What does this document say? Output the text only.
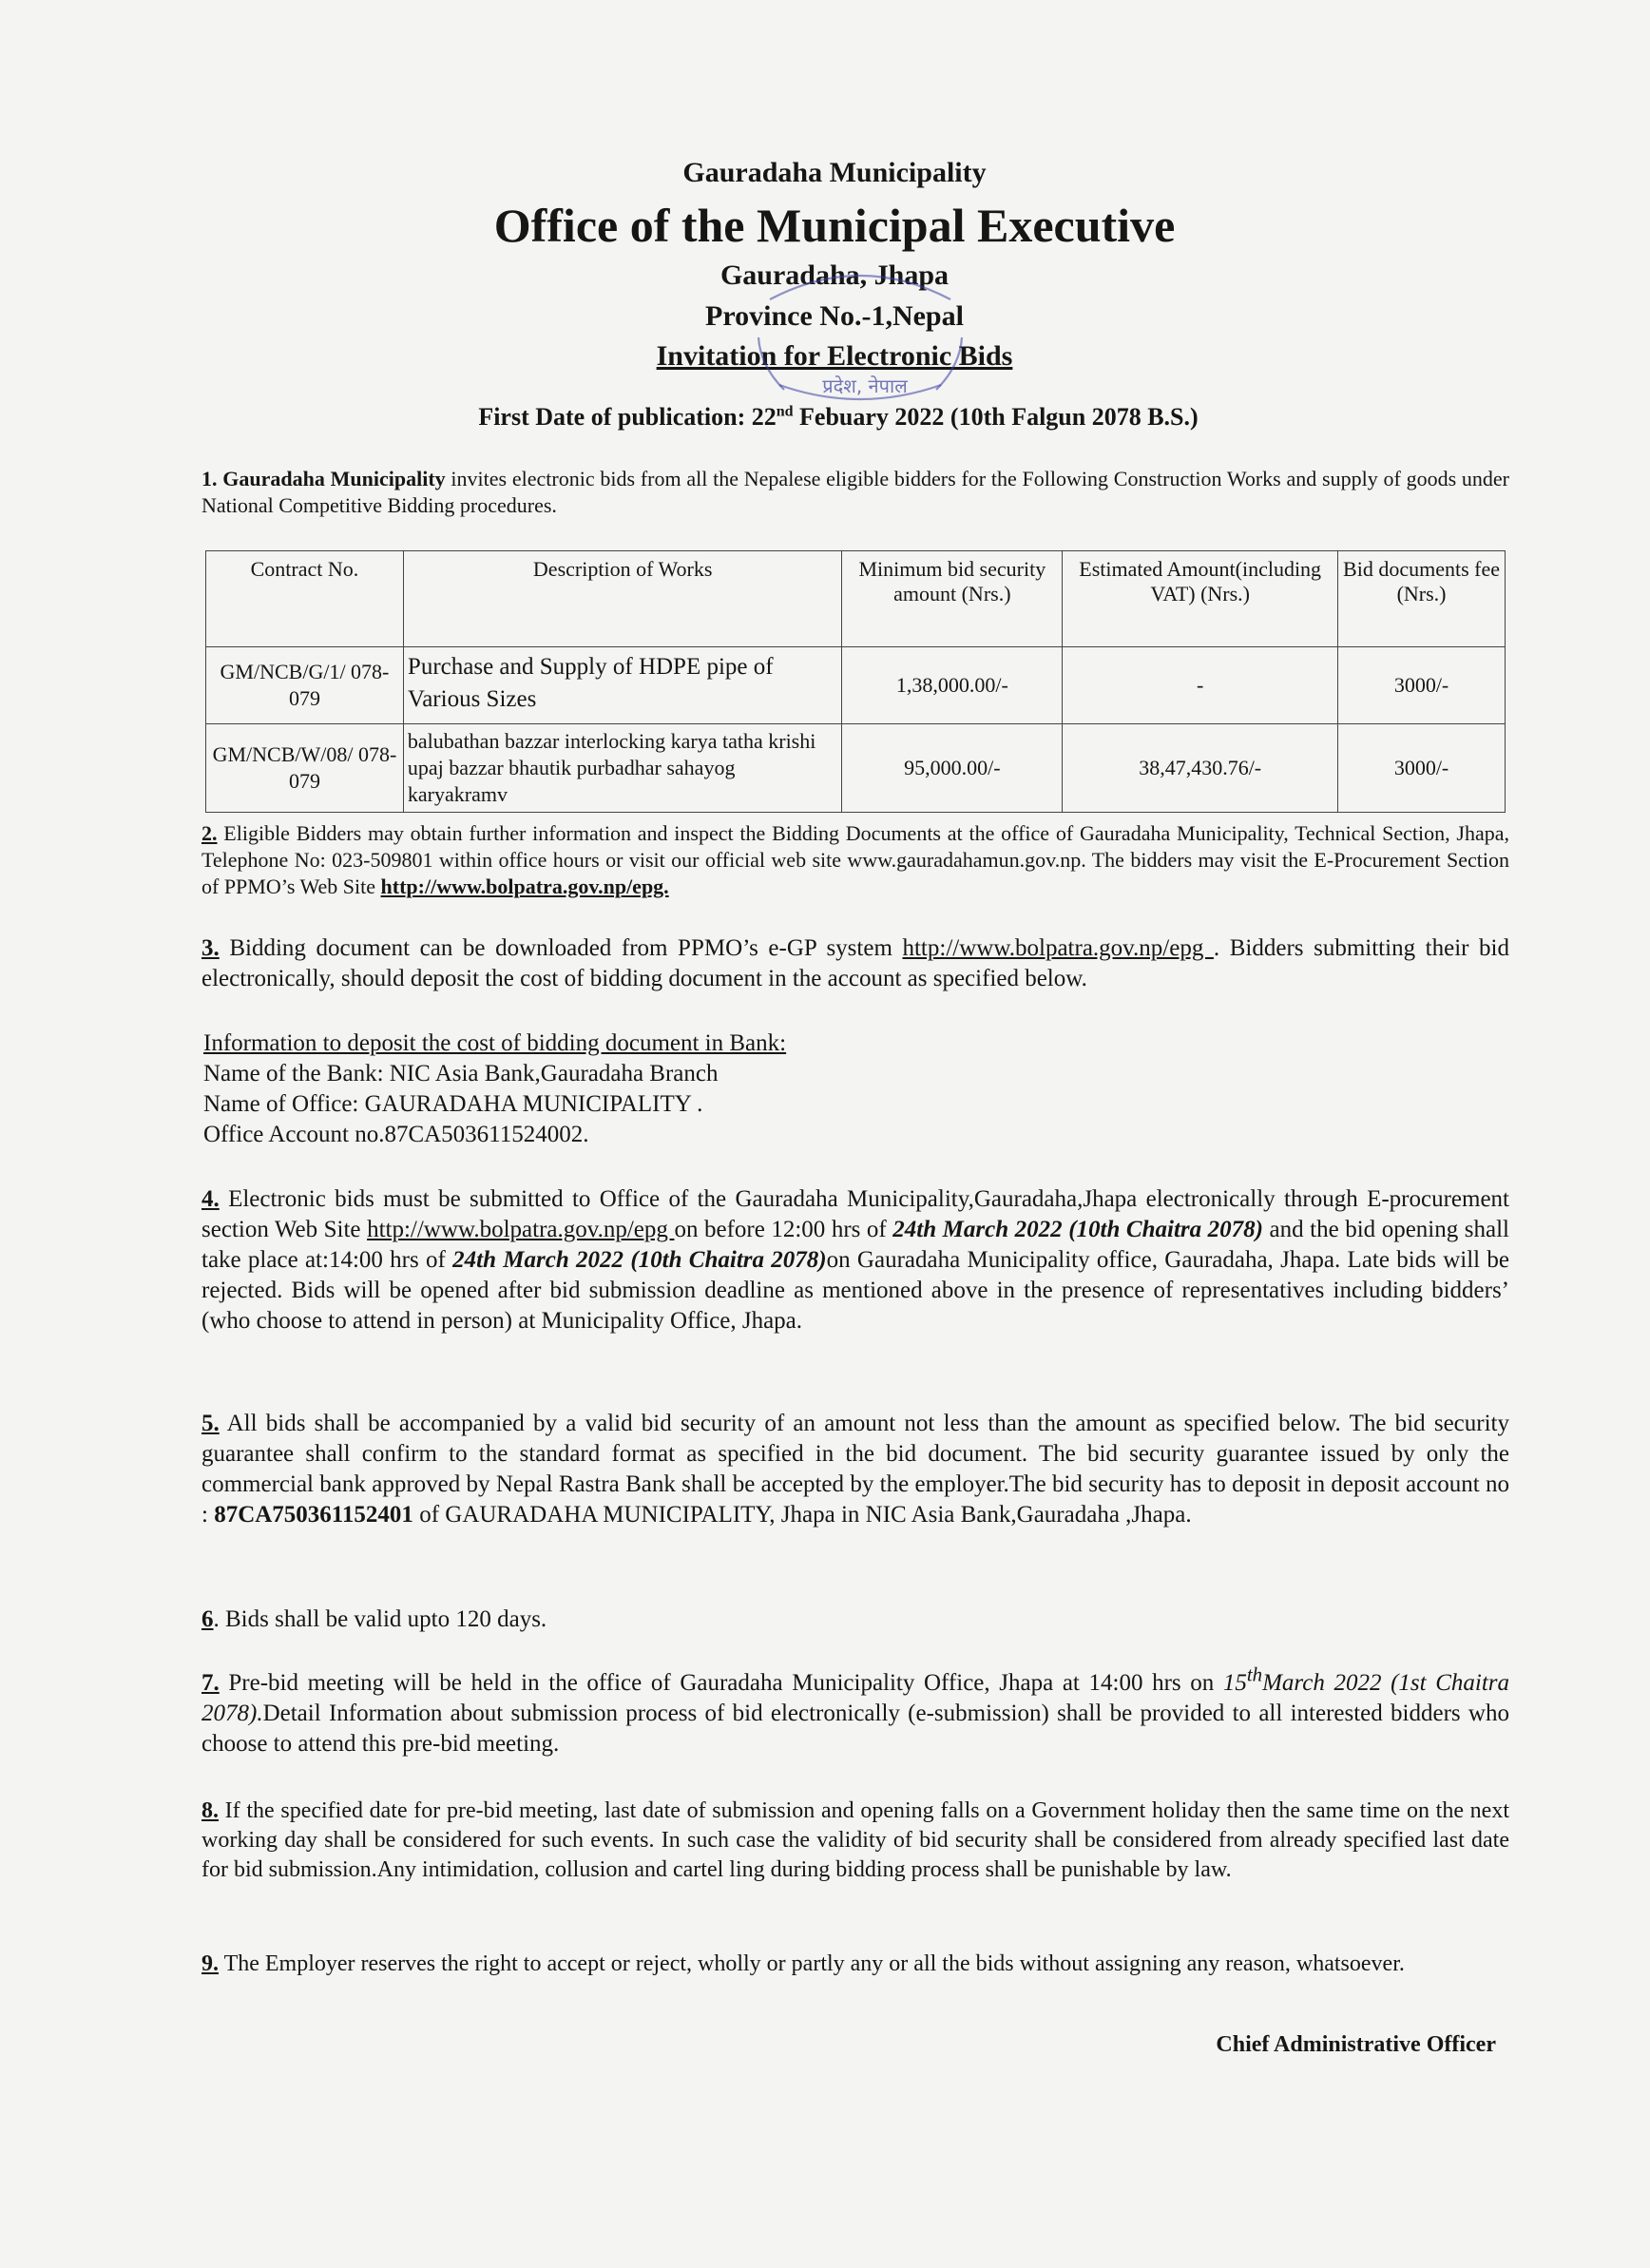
Gauradaha Municipality
Office of the Municipal Executive
Gauradaha, Jhapa
Province No.-1,Nepal
Invitation for Electronic Bids
प्रदेश, नेपाल
First Date of publication: 22nd Febuary 2022 (10th Falgun 2078 B.S.)
1. Gauradaha Municipality invites electronic bids from all the Nepalese eligible bidders for the Following Construction Works and supply of goods under National Competitive Bidding procedures.
Contract No.	Description of Works	Minimum bid security amount (Nrs.)	Estimated Amount(including VAT) (Nrs.)	Bid documents fee (Nrs.)
GM/NCB/G/1/ 078-079	Purchase and Supply of HDPE pipe of Various Sizes	1,38,000.00/-	-	3000/-
GM/NCB/W/08/ 078-079	balubathan bazzar interlocking karya tatha krishi upaj bazzar bhautik purbadhar sahayog karyakramv	95,000.00/-	38,47,430.76/-	3000/-
2. Eligible Bidders may obtain further information and inspect the Bidding Documents at the office of Gauradaha Municipality, Technical Section, Jhapa, Telephone No: 023-509801 within office hours or visit our official web site www.gauradahamun.gov.np. The bidders may visit the E-Procurement Section of PPMO’s Web Site http://www.bolpatra.gov.np/epg.
3. Bidding document can be downloaded from PPMO’s e-GP system http://www.bolpatra.gov.np/epg . Bidders submitting their bid electronically, should deposit the cost of bidding document in the account as specified below.
Information to deposit the cost of bidding document in Bank:
Name of the Bank: NIC Asia Bank,Gauradaha Branch
Name of Office: GAURADAHA MUNICIPALITY .
Office Account no.87CA503611524002.
4. Electronic bids must be submitted to Office of the Gauradaha Municipality,Gauradaha,Jhapa electronically through E-procurement section Web Site http://www.bolpatra.gov.np/epg on before 12:00 hrs of 24th March 2022 (10th Chaitra 2078) and the bid opening shall take place at:14:00 hrs of 24th March 2022 (10th Chaitra 2078)on Gauradaha Municipality office, Gauradaha, Jhapa. Late bids will be rejected. Bids will be opened after bid submission deadline as mentioned above in the presence of representatives including bidders’ (who choose to attend in person) at Municipality Office, Jhapa.
5. All bids shall be accompanied by a valid bid security of an amount not less than the amount as specified below. The bid security guarantee shall confirm to the standard format as specified in the bid document. The bid security guarantee issued by only the commercial bank approved by Nepal Rastra Bank shall be accepted by the employer.The bid security has to deposit in deposit account no : 87CA750361152401 of GAURADAHA MUNICIPALITY, Jhapa in NIC Asia Bank,Gauradaha ,Jhapa.
6. Bids shall be valid upto 120 days.
7. Pre-bid meeting will be held in the office of Gauradaha Municipality Office, Jhapa at 14:00 hrs on 15thMarch 2022 (1st Chaitra 2078).Detail Information about submission process of bid electronically (e-submission) shall be provided to all interested bidders who choose to attend this pre-bid meeting.
8. If the specified date for pre-bid meeting, last date of submission and opening falls on a Government holiday then the same time on the next working day shall be considered for such events. In such case the validity of bid security shall be considered from already specified last date for bid submission.Any intimidation, collusion and cartel ling during bidding process shall be punishable by law.
9. The Employer reserves the right to accept or reject, wholly or partly any or all the bids without assigning any reason, whatsoever.
Chief Administrative Officer
